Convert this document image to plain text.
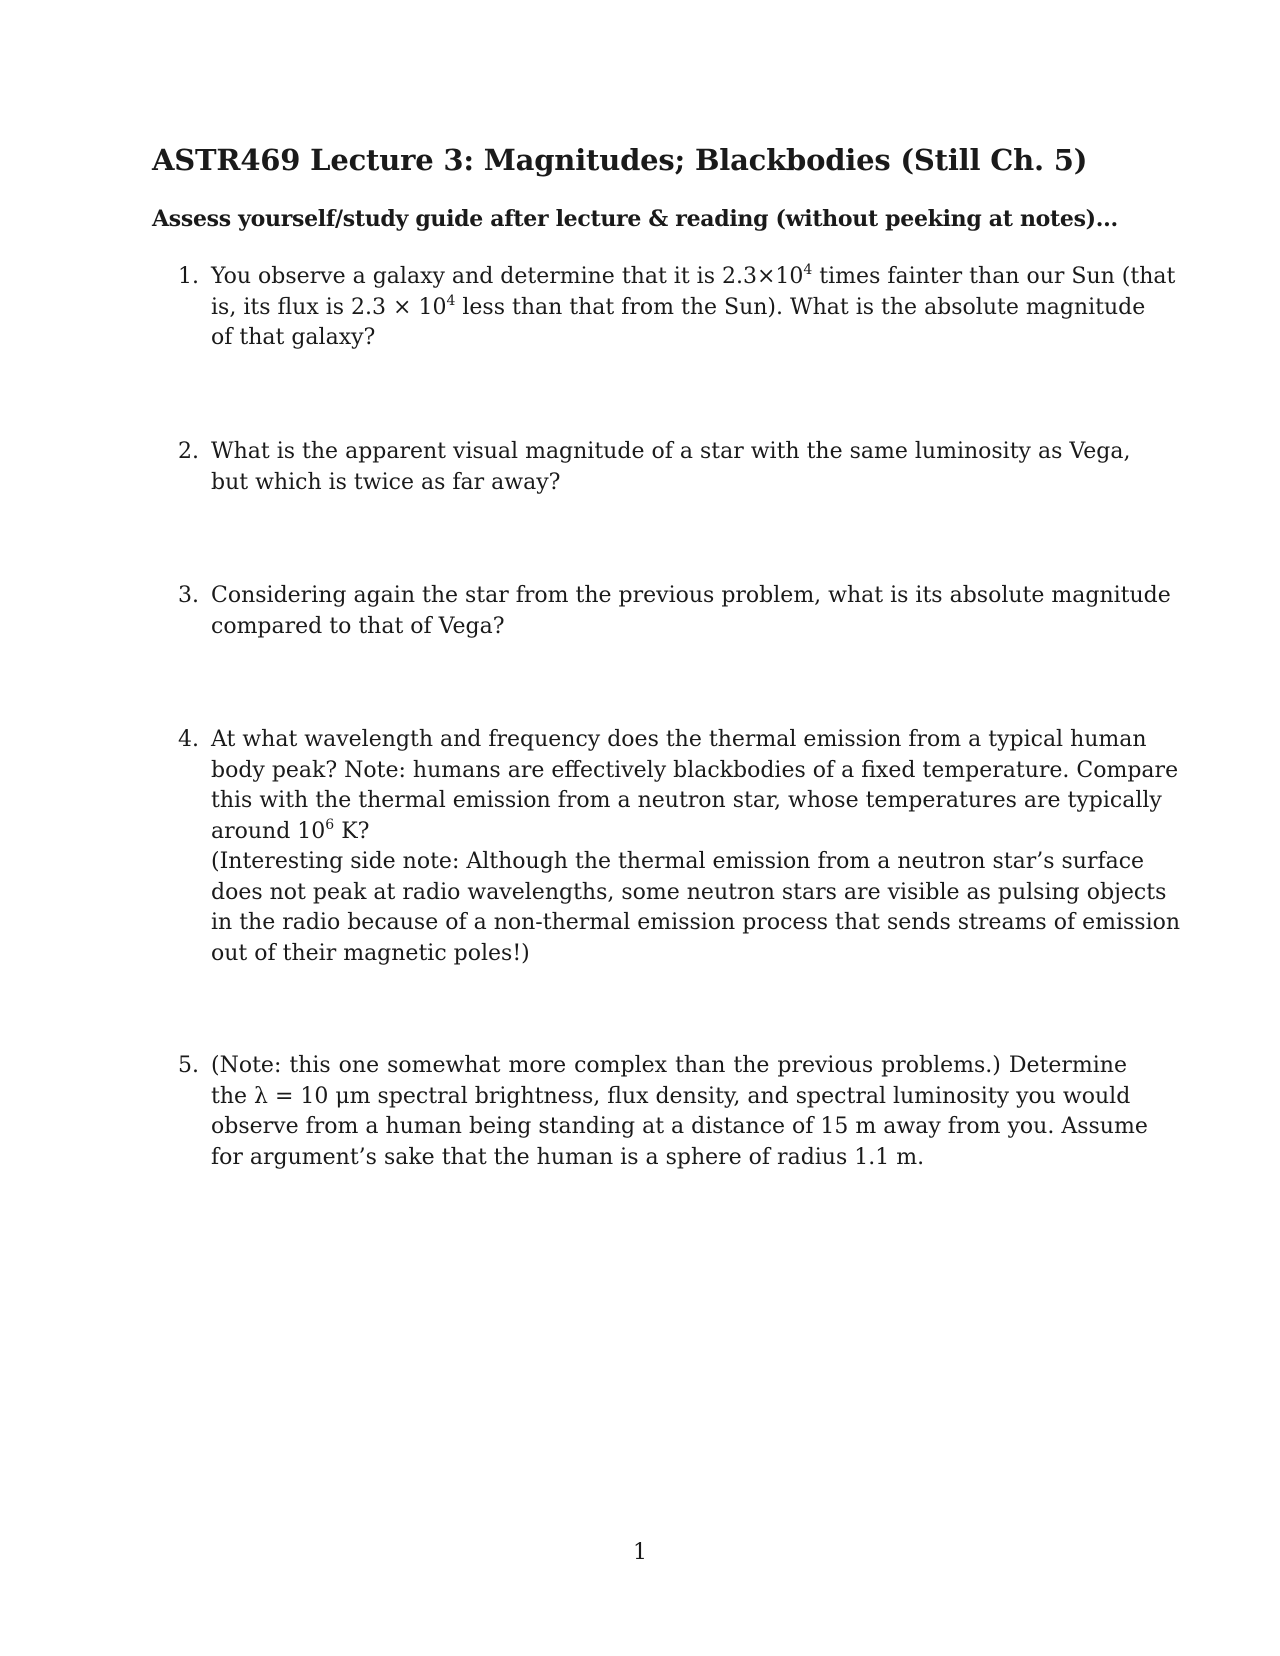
ASTR469 Lecture 3: Magnitudes; Blackbodies (Still Ch. 5)
Assess yourself/study guide after lecture & reading (without peeking at notes)...
1. You observe a galaxy and determine that it is $2.3\times 10^4$ times fainter than our Sun (that
is, its flux is $2.3 \times 10^4$ less than that from the Sun). What is the absolute magnitude
of that galaxy?
2. What is the apparent visual magnitude of a star with the same luminosity as Vega,
but which is twice as far away?
3. Considering again the star from the previous problem, what is its absolute magnitude
compared to that of Vega?
4. At what wavelength and frequency does the thermal emission from a typical human
body peak? Note: humans are effectively blackbodies of a fixed temperature. Compare
this with the thermal emission from a neutron star, whose temperatures are typically
around $10^6$ K?
(Interesting side note: Although the thermal emission from a neutron star’s surface
does not peak at radio wavelengths, some neutron stars are visible as pulsing objects
in the radio because of a non-thermal emission process that sends streams of emission
out of their magnetic poles!)
5. (Note: this one somewhat more complex than the previous problems.) Determine
the λ = 10 μm spectral brightness, flux density, and spectral luminosity you would
observe from a human being standing at a distance of 15 m away from you. Assume
for argument’s sake that the human is a sphere of radius 1.1 m.
1
